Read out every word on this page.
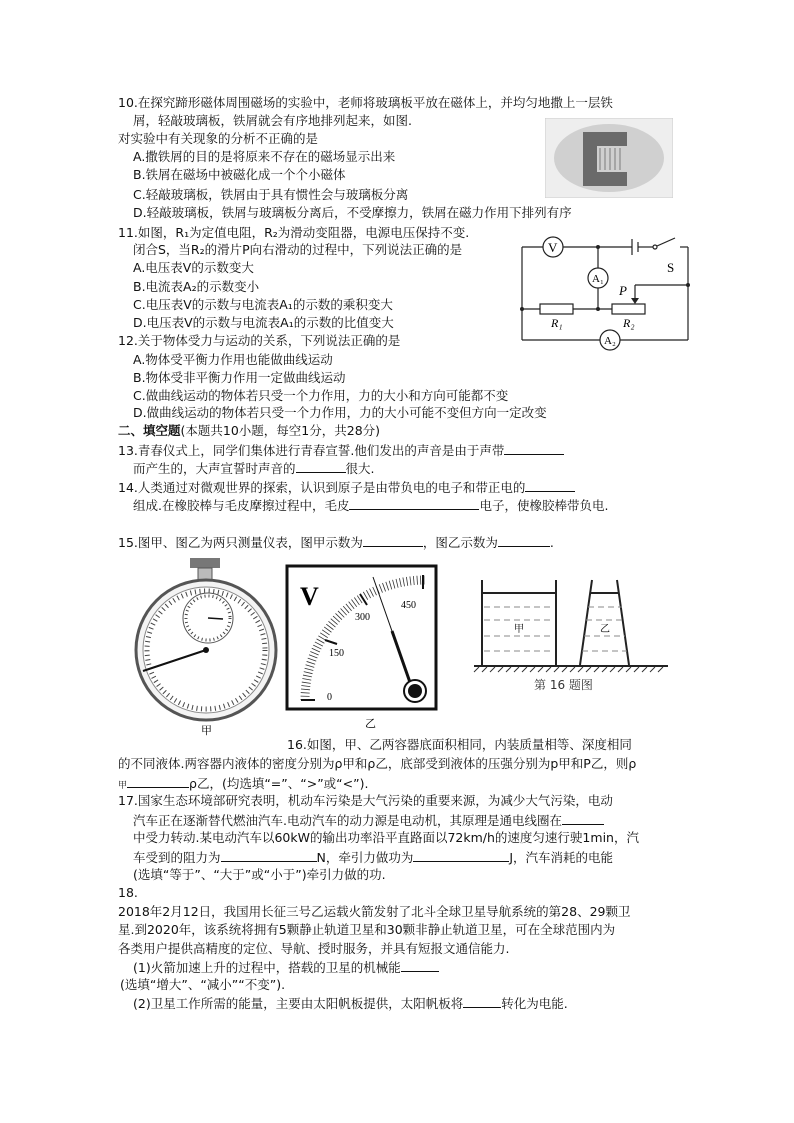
10.在探究蹄形磁体周围磁场的实验中，老师将玻璃板平放在磁体上，并均匀地撒上一层铁
屑，轻敲玻璃板，铁屑就会有序地排列起来，如图.
对实验中有关现象的分析不正确的是
A.撒铁屑的目的是将原来不存在的磁场显示出来
B.铁屑在磁场中被磁化成一个个小磁体
C.轻敲玻璃板，铁屑由于具有惯性会与玻璃板分离
D.轻敲玻璃板，铁屑与玻璃板分离后，不受摩擦力，铁屑在磁力作用下排列有序
11.如图，R₁为定值电阻，R₂为滑动变阻器，电源电压保持不变.
闭合S，当R₂的滑片P向右滑动的过程中，下列说法正确的是
A.电压表V的示数变大
B.电流表A₂的示数变小
C.电压表V的示数与电流表A₁的示数的乘积变大
D.电压表V的示数与电流表A₁的示数的比值变大
V
A₁
A₂
S
P
R₁	R₂
12.关于物体受力与运动的关系，下列说法正确的是
A.物体受平衡力作用也能做曲线运动
B.物体受非平衡力作用一定做曲线运动
C.做曲线运动的物体若只受一个力作用，力的大小和方向可能都不变
D.做曲线运动的物体若只受一个力作用，力的大小可能不变但方向一定改变
二、填空题(本题共10小题，每空1分，共28分)
13.青春仪式上，同学们集体进行青春宣誓.他们发出的声音是由于声带
而产生的，大声宣誓时声音的	很大.
14.人类通过对微观世界的探索，认识到原子是由带负电的电子和带正电的
组成.在橡胶棒与毛皮摩擦过程中，毛皮	电子，使橡胶棒带负电.
15.图甲、图乙为两只测量仪表，图甲示数为	，图乙示数为	.
甲
V
0
150
300
450
乙
甲	乙
第 16 题图
16.如图，甲、乙两容器底面积相同，内装质量相等、深度相同
的不同液体.两容器内液体的密度分别为ρ甲和ρ乙，底部受到液体的压强分别为p甲和P乙，则ρ
甲	ρ乙，(均选填“=”、“>”或“<”).
17.国家生态环境部研究表明，机动车污染是大气污染的重要来源，为减少大气污染，电动
汽车正在逐渐替代燃油汽车.电动汽车的动力源是电动机，其原理是通电线圈在
中受力转动.某电动汽车以60kW的输出功率沿平直路面以72km/h的速度匀速行驶1min，汽
车受到的阻力为	N，牵引力做功为	J，汽车消耗的电能
(选填“等于”、“大于”或“小于”)牵引力做的功.
18.
2018年2月12日，我国用长征三号乙运载火箭发射了北斗全球卫星导航系统的第28、29颗卫
星.到2020年，该系统将拥有5颗静止轨道卫星和30颗非静止轨道卫星，可在全球范围内为
各类用户提供高精度的定位、导航、授时服务，并具有短报文通信能力.
(1)火箭加速上升的过程中，搭载的卫星的机械能
(选填“增大”、“减小”“不变”).
(2)卫星工作所需的能量，主要由太阳帆板提供，太阳帆板将	转化为电能.
